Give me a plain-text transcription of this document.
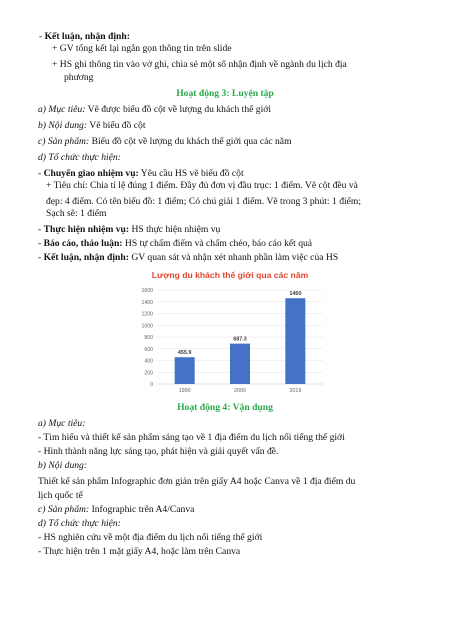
- Kết luận, nhận định:
+ GV tổng kết lại ngắn gọn thông tin trên slide
+ HS ghi thông tin vào vở ghi, chia sẻ một số nhận định về ngành du lịch địa
phương
Hoạt động 3: Luyện tập
a) Mục tiêu: Vẽ được biểu đồ cột về lượng du khách thế giới
b) Nội dung: Vẽ biểu đồ cột
c) Sản phẩm: Biểu đồ cột về lượng du khách thế giới qua các năm
d) Tổ chức thực hiện:
- Chuyển giao nhiệm vụ: Yêu cầu HS vẽ biểu đồ cột
+ Tiêu chí: Chia tỉ lệ đúng 1 điểm. Đầy đủ đơn vị đầu trục: 1 điểm. Vẽ cột đều và
đẹp: 4 điểm. Có tên biểu đồ: 1 điểm; Có chú giải 1 điểm. Vẽ trong 3 phút: 1 điểm;
Sạch sẽ: 1 điểm
- Thực hiện nhiệm vụ: HS thực hiện nhiệm vụ
- Báo cáo, thảo luận: HS tự chấm điểm và chấm chéo, báo cáo kết quả
- Kết luận, nhận định: GV quan sát và nhận xét nhanh phần làm việc của HS
Lượng du khách thế giới qua các năm
0
200
400
600
800
1000
1200
1400
1600
455.9
687.3
1460
1990	2000	2019
Hoạt động 4: Vận dụng
a) Mục tiêu:
- Tìm hiểu và thiết kế sản phẩm sáng tạo về 1 địa điểm du lịch nổi tiếng thế giới
- Hình thành năng lực sáng tạo, phát hiện và giải quyết vấn đề.
b) Nội dung:
Thiết kế sản phẩm Infographic đơn giản trên giấy A4 hoặc Canva về 1 địa điểm du
lịch quốc tế
c) Sản phẩm: Infographic trên A4/Canva
d) Tổ chức thực hiện:
- HS nghiên cứu về một địa điểm du lịch nổi tiếng thế giới
- Thực hiện trên 1 mặt giấy A4, hoặc làm trên Canva
